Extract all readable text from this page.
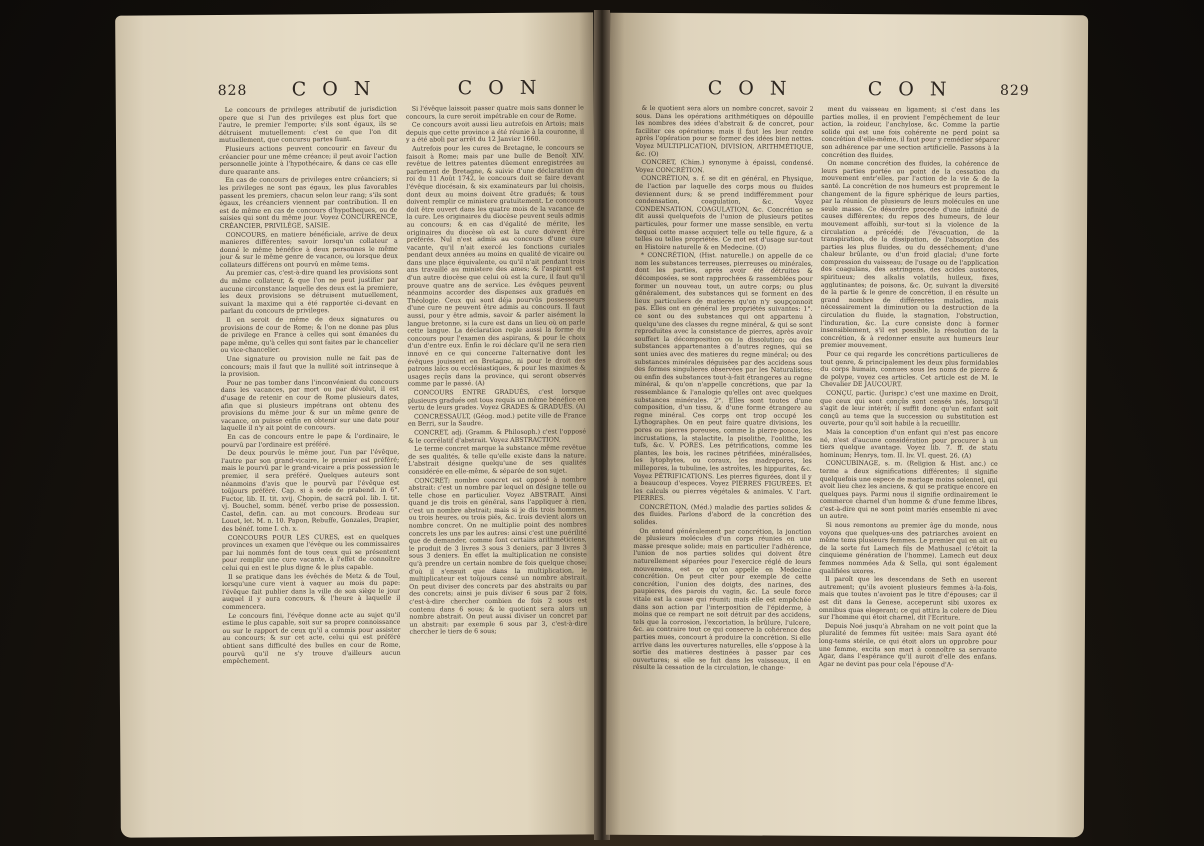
828 C O N	C O N

Le concours de privileges attributif de jurisdiction opere que si l'un des privileges est plus fort que l'autre, le premier l'emporte; s'ils sont égaux, ils se détruisent mutuellement: c'est ce que l'on dit mutuellement, que concursu partes fiunt.

Plusieurs actions peuvent concourir en faveur du créancier pour une même créance; il peut avoir l'action personnelle jointe à l'hypothécaire, & dans ce cas elle dure quarante ans.

En cas de concours de privileges entre créanciers; si les privileges ne sont pas égaux, les plus favorables passent les premiers, chacun selon leur rang; s'ils sont égaux, les créanciers viennent par contribution. Il en est de même en cas de concours d'hypotheques, ou de saisies qui sont du même jour. Voyez CONCURRENCE, CRÉANCIER, PRIVILÉGE, SAISIE.

CONCOURS, en matiere bénéficiale, arrive de deux manieres différentes; savoir lorsqu'un collateur a donné le même bénéfice à deux personnes le même jour & sur le même genre de vacance, ou lorsque deux collateurs différens ont pourvû en même tems.

Au premier cas, c'est-à-dire quand les provisions sont du même collateur, & que l'on ne peut justifier par aucune circonstance laquelle des deux est la premiere, les deux provisions se détruisent mutuellement, suivant la maxime qui a été rapportée ci-devant en parlant du concours de privileges.

Il en seroit de même de deux signatures ou provisions de cour de Rome; & l'on ne donne pas plus de privilege en France à celles qui sont émanées du pape même, qu'à celles qui sont faites par le chancelier ou vice-chancelier.

Une signature ou provision nulle ne fait pas de concours; mais il faut que la nullité soit intrinseque à la provision.

Pour ne pas tomber dans l'inconvénient du concours dans les vacances, par mort ou par dévolut, il est d'usage de retenir en cour de Rome plusieurs dates, afin que si plusieurs impétrans ont obtenu des provisions du même jour & sur un même genre de vacance, on puisse enfin en obtenir sur une date pour laquelle il n'y ait point de concours.

En cas de concours entre le pape & l'ordinaire, le pourvû par l'ordinaire est préféré.

De deux pourvûs le même jour, l'un par l'évêque, l'autre par son grand-vicaire, le premier est préféré; mais le pourvû par le grand-vicaire a pris possession le premier, il sera préféré. Quelques auteurs sont néanmoins d'avis que le pourvû par l'évêque est toûjours préféré. Cap. si à sede de prabend. in 6°. Fuctor, lib. II. tit. xvij. Chopin, de sacrâ pol. lib. I. tit. vj. Bouchel, somm. bénéf. verbo prise de possession. Castel, defin. can. au mot concours. Brodeau sur Louet, let. M. n. 10. Papon, Rebuffe, Gonzales, Drapier, des bénéf. tome I. ch. x.

CONCOURS POUR LES CURES, est en quelques provinces un examen que l'évêque ou les commissaires par lui nommés font de tous ceux qui se présentent pour remplir une cure vacante, à l'effet de connoître celui qui en est le plus digne & le plus capable.

Il se pratique dans les évêchés de Metz & de Toul, lorsqu'une cure vient à vaquer au mois du pape: l'évêque fait publier dans la ville de son siège le jour auquel il y aura concours, & l'heure à laquelle il commencera.

Le concours fini, l'évêque donne acte au sujet qu'il estime le plus capable, soit sur sa propre connoissance ou sur le rapport de ceux qu'il a commis pour assister au concours; & sur cet acte, celui qui est préféré obtient sans difficulté des bulles en cour de Rome, pourvû qu'il ne s'y trouve d'ailleurs aucun empêchement.

Si l'évêque laissoit passer quatre mois sans donner le concours, la cure seroit impétrable en cour de Rome.

Ce concours avoit aussi lieu autrefois en Artois; mais depuis que cette province a été réunie à la couronne, il y a été aboli par arrêt du 12 Janvier 1660.

Autrefois pour les cures de Bretagne, le concours se faisoit à Rome; mais par une bulle de Benoît XIV. revêtue de lettres patentes dûement enregistrées au parlement de Bretagne, & suivie d'une déclaration du roi du 11 Août 1742, le concours doit se faire devant l'évêque diocésain, & six examinateurs par lui choisis, dont deux au moins doivent être gradués; & tous doivent remplir ce ministere gratuitement. Le concours doit être ouvert dans les quatre mois de la vacance de la cure. Les originaires du diocèse peuvent seuls admis au concours; & en cas d'égalité de mérite, les originaires du diocèse où est la cure doivent être préférés. Nul n'est admis au concours d'une cure vacante, qu'il n'ait exercé les fonctions curiales pendant deux années au moins en qualité de vicaire ou dans une place équivalente, ou qu'il n'ait pendant trois ans travaillé au ministere des ames; & l'aspirant est d'un autre diocèse que celui où est la cure, il faut qu'il prouve quatre ans de service. Les évêques peuvent néanmoins accorder des dispenses aux gradués en Théologie. Ceux qui sont déja pourvûs possesseurs d'une cure ne peuvent être admis au concours. Il faut aussi, pour y être admis, savoir & parler aisément la langue bretonne, si la cure est dans un lieu où on parle cette langue. La déclaration regle aussi la forme du concours pour l'examen des aspirans, & pour le choix d'un d'entre eux. Enfin le roi déclare qu'il ne sera rien innové en ce qui concerne l'alternative dont les évêques jouissent en Bretagne, ni pour le droit des patrons laïcs ou ecclésiastiques, & pour les maximes & usages reçûs dans la province, qui seront observés comme par le passé. (A)

CONCOURS ENTRE GRADUÉS, c'est lorsque plusieurs gradués ont tous requis un même bénéfice en vertu de leurs grades. Voyez GRADES & GRADUÉS. (A)

CONCRESSAULT, (Géog. mod.) petite ville de France en Berri, sur la Saudre.

CONCRET, adj. (Gramm. & Philosoph.) c'est l'opposé & le corrélatif d'abstrait. Voyez ABSTRACTION.

Le terme concret marque la substance même revêtue de ses qualités, & telle qu'elle existe dans la nature. L'abstrait désigne quelqu'une de ses qualités considérée en elle-même, & séparée de son sujet.

CONCRET; nombre concret est opposé à nombre abstrait: c'est un nombre par lequel on désigne telle ou telle chose en particulier. Voyez ABSTRAIT. Ainsi quand je dis trois en général, sans l'appliquer à rien, c'est un nombre abstrait; mais si je dis trois hommes, ou trois heures, ou trois piés, &c. trois devient alors un nombre concret. On ne multiplie point des nombres concrets les uns par les autres: ainsi c'est une puérilité que de demander, comme font certains arithméticiens, le produit de 3 livres 3 sous 3 deniers, par 3 livres 3 sous 3 deniers. En effet la multiplication ne consiste qu'à prendre un certain nombre de fois quelque chose; d'où il s'ensuit que dans la multiplication, le multiplicateur est toûjours censé un nombre abstrait. On peut diviser des concrets par des abstraits ou par des concrets; ainsi je puis diviser 6 sous par 2 fois, c'est-à-dire chercher combien de fois 2 sous est contenu dans 6 sous; & le quotient sera alors un nombre abstrait. On peut aussi diviser un concret par un abstrait: par exemple 6 sous par 3, c'est-à-dire chercher le tiers de 6 sous;

C O N	C O N	829

& le quotient sera alors un nombre concret, savoir 2 sous. Dans les opérations arithmétiques on dépouille les nombres des idées d'abstrait & de concret, pour faciliter ces opérations; mais il faut les leur rendre après l'opération pour se former des idées bien nettes. Voyez MULTIPLICATION, DIVISION, ARITHMÉTIQUE, &c. (O)

CONCRET, (Chim.) synonyme à épaissi, condensé. Voyez CONCRÉTION.

CONCRÉTION, s. f. se dit en général, en Physique, de l'action par laquelle des corps mous ou fluides deviennent durs; & se prend indifféremment pour condensation, coagulation, &c. Voyez CONDENSATION, COAGULATION, &c. Concrétion se dit aussi quelquefois de l'union de plusieurs petites particules, pour former une masse sensible, en vertu dequoi cette masse acquiert telle ou telle figure, & a telles ou telles propriétés. Ce mot est d'usage sur-tout en Histoire naturelle & en Medecine. (O)

* CONCRÉTION, (Hist. naturelle.) on appelle de ce nom les substances terreuses, pierreuses ou minérales, dont les parties, après avoir été détruites & décomposées, se sont rapprochées & rassemblées pour former un nouveau tout, un autre corps; ou plus généralement, des substances qui se forment en des lieux particuliers de matieres qu'on n'y soupçonnoit pas. Elles ont en général les propriétés suivantes: 1°. ce sont ou des substances qui ont appartenu à quelqu'une des classes du regne minéral, & qui se sont reproduites avec la consistance de pierres, après avoir souffert la décomposition ou la dissolution; ou des substances appartenantes à d'autres regnes, qui se sont unies avec des matieres du regne minéral; ou des substances minérales déguisées par des accidens sous des formes singulieres observées par les Naturalistes; ou enfin des substances tout-à-fait étrangeres au regne minéral, & qu'on n'appelle concrétions, que par la ressemblance & l'analogie qu'elles ont avec quelques substances minérales. 2°. Elles sont toutes d'une composition, d'un tissu, & d'une forme étrangere au regne minéral. Ces corps ont trop occupé les Lythographes. On en peut faire quatre divisions, les pores ou pierres poreuses, comme la pierre-ponce, les incrustations, la stalactite, la pisolithe, l'oolithe, les tufs, &c. V. PORES. Les pétrifications, comme les plantes, les bois, les racines pétrifiées, minéralisées, les lytophytes, ou coraux, les madrepores, les millepores, la tubuline, les astroïtes, les hippurites, &c. Voyez PÉTRIFICATIONS. Les pierres figurées, dont il y a beaucoup d'especes. Voyez PIERRES FIGURÉES. Et les calculs ou pierres végétales & animales. V. l'art. PIERRES.

CONCRÉTION, (Méd.) maladie des parties solides & des fluides. Parlons d'abord de la concrétion des solides.

On entend généralement par concrétion, la jonction de plusieurs molécules d'un corps réunies en une masse presque solide; mais en particulier l'adhérence, l'union de nos parties solides qui doivent être naturellement séparées pour l'exercice réglé de leurs mouvemens, est ce qu'on appelle en Medecine concrétion. On peut citer pour exemple de cette concrétion, l'union des doigts, des narines, des paupieres, des parois du vagin, &c. La seule force vitale est la cause qui réunit; mais elle est empêchée dans son action par l'interposition de l'épiderme, à moins que ce rempart ne soit détruit par des accidens, tels que la corrosion, l'excoriation, la brûlure, l'ulcere, &c. au contraire tout ce qui conserve la cohérence des parties mues, concourt à produire la concrétion. Si elle arrive dans les ouvertures naturelles, elle s'oppose à la sortie des matieres destinées à passer par ces ouvertures; si elle se fait dans les vaisseaux, il en résulte la cessation de la circulation, le change-

ment du vaisseau en ligament; si c'est dans les parties molles, il en provient l'empêchement de leur action, la roideur, l'anchylose, &c. Comme la partie solide qui est une fois cohérente ne perd point sa concrétion d'elle-même, il faut pour y remédier séparer son adhérence par une section artificielle. Passons à la concrétion des fluides.

On nomme concrétion des fluides, la cohérence de leurs parties portée au point de la cessation du mouvement entr'elles, par l'action de la vie & de la santé. La concrétion de nos humeurs est proprement le changement de la figure sphérique de leurs parties, par la réunion de plusieurs de leurs molécules en une seule masse. Ce désordre procede d'une infinité de causes différentes; du repos des humeurs, de leur mouvement affoibli, sur-tout si la violence de la circulation a précédé; de l'évacuation, de la transpiration, de la dissipation, de l'absorption des parties les plus fluides, ou du desséchement; d'une chaleur brûlante, ou d'un froid glacial; d'une forte compression du vaisseau; de l'usage ou de l'application des coagulans, des astringens, des acides austeres, spiritueux; des alkalis volatils, huileux, fixes, agglutinantes; de poisons, &c. Or, suivant la diversité de la partie & le genre de concrétion, il en résulte un grand nombre de différentes maladies, mais nécessairement la diminution ou la destruction de la circulation du fluide, la stagnation, l'obstruction, l'induration, &c. La cure consiste donc à former insensiblement, s'il est possible, la résolution de la concrétion, & à redonner ensuite aux humeurs leur premier mouvement.

Pour ce qui regarde les concrétions particulieres de tout genre, & principalement les deux plus formidables du corps humain, connues sous les noms de pierre & de polype, voyez ces articles. Cet article est de M. le Chevalier DE JAUCOURT.

CONÇU, partic. (Jurispr.) c'est une maxime en Droit, que ceux qui sont conçûs sont censés nés, lorsqu'il s'agit de leur intérêt; il suffit donc qu'un enfant soit conçû au tems que la succession ou substitution est ouverte, pour qu'il soit habile à la recueillir.

Mais la conception d'un enfant qui n'est pas encore né, n'est d'aucune considération pour procurer à un tiers quelque avantage. Voyez lib. 7. ff. de statu hominum; Henrys, tom. II. liv. VI. quest. 26. (A)

CONCUBINAGE, s. m. (Religion & Hist. anc.) ce terme a deux significations différentes; il signifie quelquefois une espece de mariage moins solennel, qui avoit lieu chez les anciens, & qui se pratique encore en quelques pays. Parmi nous il signifie ordinairement le commerce charnel d'un homme & d'une femme libres, c'est-à-dire qui ne sont point mariés ensemble ni avec un autre.

Si nous remontons au premier âge du monde, nous voyons que quelques-uns des patriarches avoient en même tems plusieurs femmes. Le premier qui en ait eu de la sorte fut Lamech fils de Mathusael (c'étoit la cinquieme génération de l'homme). Lamech eut deux femmes nommées Ada & Sella, qui sont également qualifiées uxores.

Il paroît que les descendans de Seth en userent autrement; qu'ils avoient plusieurs femmes à-la-fois, mais que toutes n'avoient pas le titre d'épouses; car il est dit dans la Genese, acceperunt sibi uxores ex omnibus quas elegerant; ce qui attira la colere de Dieu sur l'homme qui étoit charnel, dit l'Ecriture.

Depuis Noé jusqu'à Abraham on ne voit point que la pluralité de femmes fût usitée: mais Sara ayant été long-tems stérile, ce qui étoit alors un opprobre pour une femme, excita son mari à connoître sa servante Agar, dans l'espérance qu'il auroit d'elle des enfans. Agar ne devint pas pour cela l'épouse d'A-
